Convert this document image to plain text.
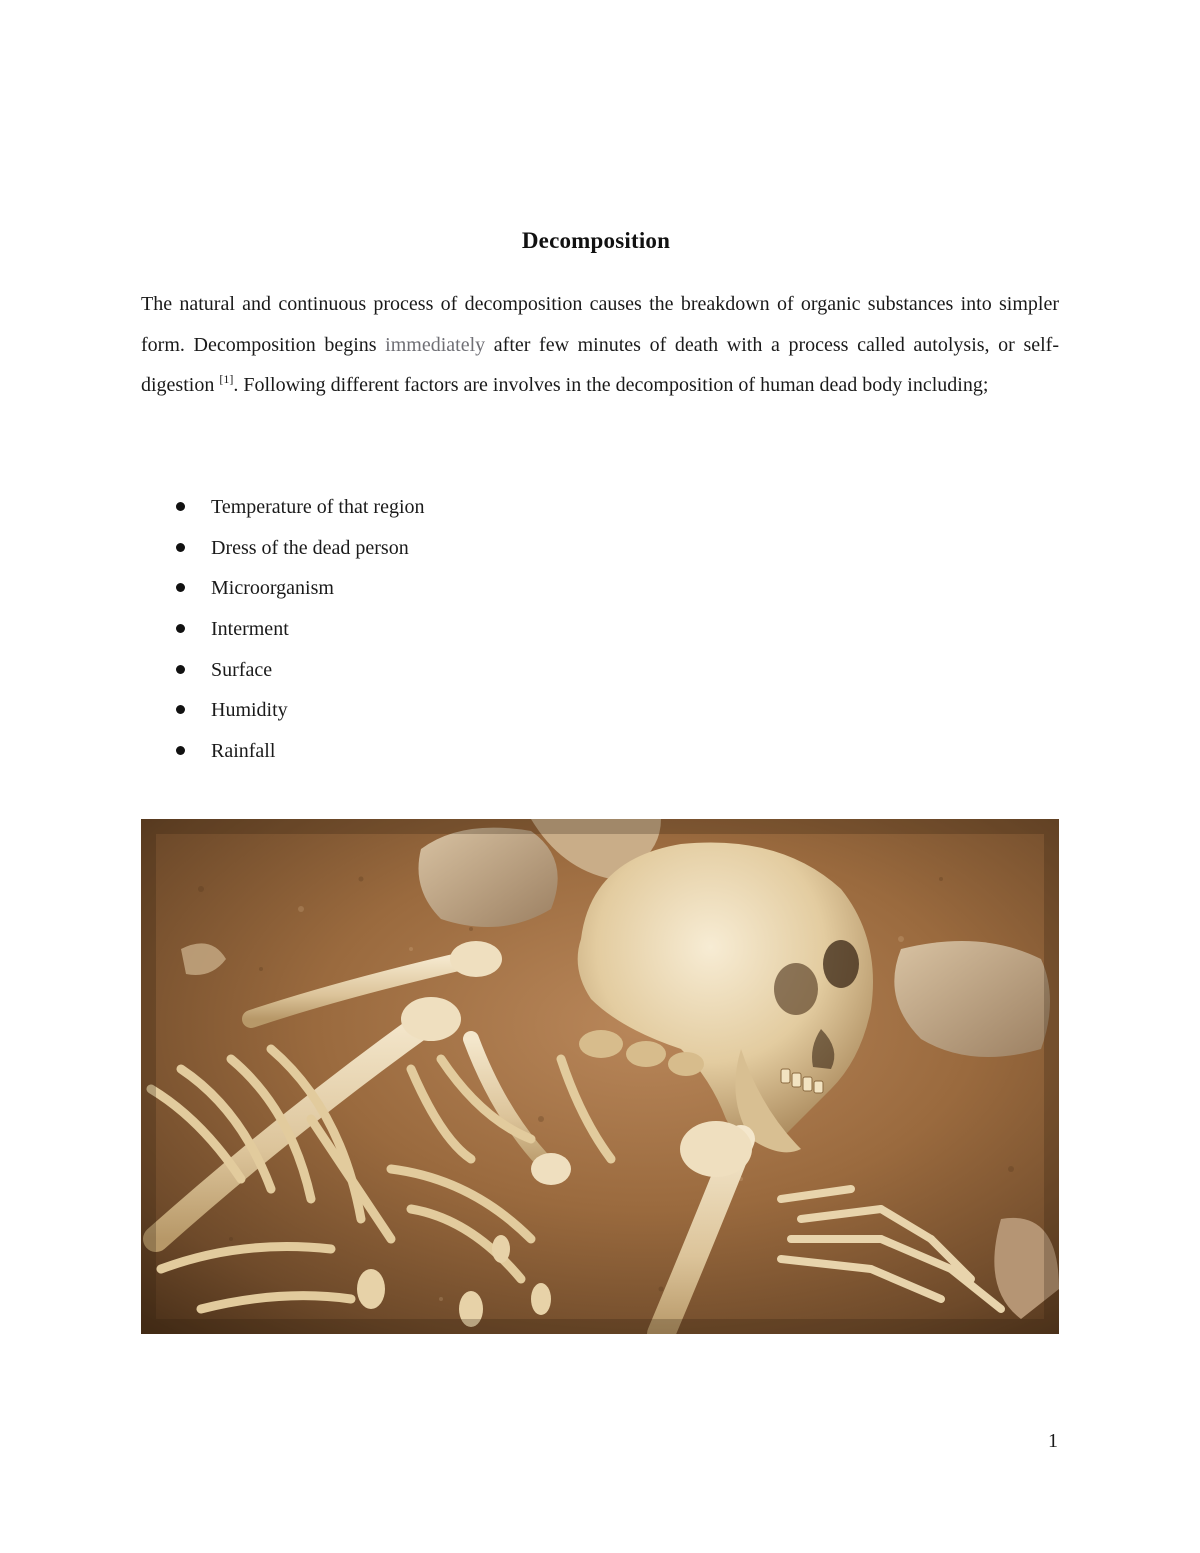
Decomposition

The natural and continuous process of decomposition causes the breakdown of organic substances into simpler form. Decomposition begins immediately after few minutes of death with a process called autolysis, or self-digestion [1]. Following different factors are involves in the decomposition of human dead body including;

Temperature of that region
Dress of the dead person
Microorganism
Interment
Surface
Humidity
Rainfall
1
